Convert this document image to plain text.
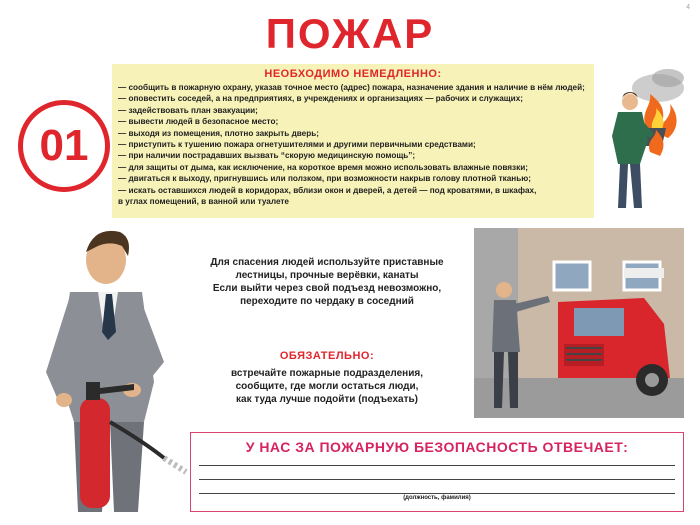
4
ПОЖАР
01
НЕОБХОДИМО НЕМЕДЛЕННО:
— сообщить в пожарную охрану, указав точное место (адрес) пожара, назначение здания и наличие в нём людей;
— оповестить соседей, а на предприятиях, в учреждениях и организациях — рабочих и служащих;
— задействовать план эвакуации;
— вывести людей в безопасное место;
— выходя из помещения, плотно закрыть дверь;
— приступить к тушению пожара огнетушителями и другими первичными средствами;
— при наличии пострадавших вызвать “скорую медицинскую помощь”;
— для защиты от дыма, как исключение, на короткое время можно использовать влажные повязки;
— двигаться к выходу, пригнувшись или ползком, при возможности накрыв голову плотной тканью;
— искать оставшихся людей в коридорах, вблизи окон и дверей, а детей — под кроватями, в шкафах,
в углах помещений, в ванной или туалете
Для спасения людей используйте приставные
лестницы, прочные верёвки, канаты
Если выйти через свой подъезд невозможно,
переходите по чердаку в соседний
ОБЯЗАТЕЛЬНО:
встречайте пожарные подразделения,
сообщите, где могли остаться люди,
как туда лучше подойти (подъехать)
У НАС ЗА ПОЖАРНУЮ БЕЗОПАСНОСТЬ ОТВЕЧАЕТ:
(должность, фамилия)
